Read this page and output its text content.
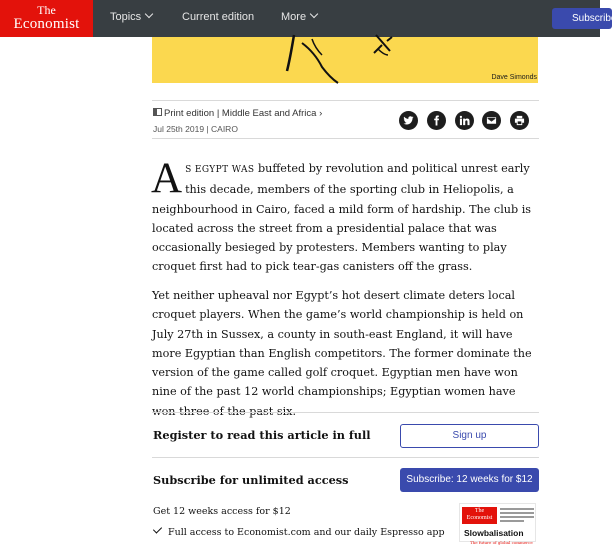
The
Economist	Topics	Current edition More	Subscribe
Dave Simonds
Print edition | Middle East and Africa ›
Jul 25th 2019 | CAIRO

A S EGYPT WAS buffeted by revolution and political unrest early this decade, members of the sporting club in Heliopolis, a neighbourhood in Cairo, faced a mild form of hardship. The club is located across the street from a presidential palace that was occasionally besieged by protesters. Members wanting to play croquet first had to pick tear-gas canisters off the grass.

Yet neither upheaval nor Egypt’s hot desert climate deters local croquet players. When the game’s world championship is held on July 27th in Sussex, a county in south-east England, it will have more Egyptian than English competitors. The former dominate the version of the game called golf croquet. Egyptian men have won nine of the past 12 world championships; Egyptian women have

Register to read this article in full	Sign up
Subscribe for unlimited access	Subscribe: 12 weeks for $12
Get 12 weeks access for $12
Full access to Economist.com and our daily Espresso app
The
Economist
Slowbalisation
The future of global commerce
